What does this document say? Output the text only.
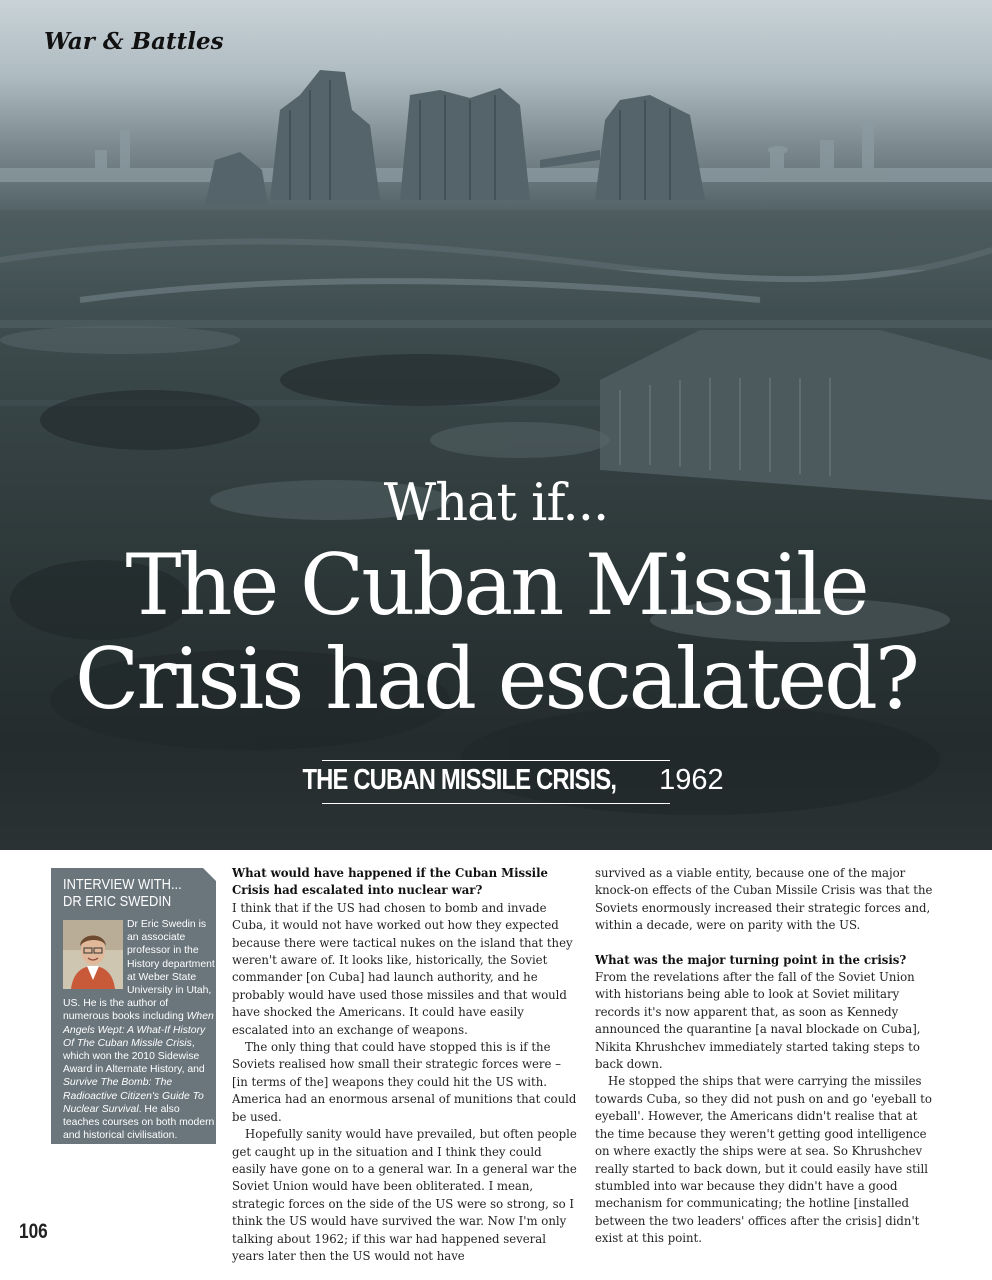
War & Battles
What if...
The Cuban Missile
Crisis had escalated?
THE CUBAN MISSILE CRISIS, 1962
INTERVIEW WITH...
DR ERIC SWEDIN
Dr Eric Swedin is an associate professor in the History department at Weber State University in Utah, US. He is the author of numerous books including When Angels Wept: A What-If History Of The Cuban Missile Crisis, which won the 2010 Sidewise Award in Alternate History, and Survive The Bomb: The Radioactive Citizen's Guide To Nuclear Survival. He also teaches courses on both modern and historical civilisation.

What would have happened if the Cuban Missile Crisis had escalated into nuclear war?

I think that if the US had chosen to bomb and invade Cuba, it would not have worked out how they expected because there were tactical nukes on the island that they weren't aware of. It looks like, historically, the Soviet commander [on Cuba] had launch authority, and he probably would have used those missiles and that would have shocked the Americans. It could have easily escalated into an exchange of weapons.

The only thing that could have stopped this is if the Soviets realised how small their strategic forces were – [in terms of the] weapons they could hit the US with. America had an enormous arsenal of munitions that could be used.

Hopefully sanity would have prevailed, but often people get caught up in the situation and I think they could easily have gone on to a general war. In a general war the Soviet Union would have been obliterated. I mean, strategic forces on the side of the US were so strong, so I think the US would have survived the war. Now I'm only talking about 1962; if this war had happened several years later then the US would not have

survived as a viable entity, because one of the major knock-on effects of the Cuban Missile Crisis was that the Soviets enormously increased their strategic forces and, within a decade, were on parity with the US.

What was the major turning point in the crisis?

From the revelations after the fall of the Soviet Union with historians being able to look at Soviet military records it's now apparent that, as soon as Kennedy announced the quarantine [a naval blockade on Cuba], Nikita Khrushchev immediately started taking steps to back down.

He stopped the ships that were carrying the missiles towards Cuba, so they did not push on and go 'eyeball to eyeball'. However, the Americans didn't realise that at the time because they weren't getting good intelligence on where exactly the ships were at sea. So Khrushchev really started to back down, but it could easily have still stumbled into war because they didn't have a good mechanism for communicating; the hotline [installed between the two leaders' offices after the crisis] didn't exist at this point.

106
